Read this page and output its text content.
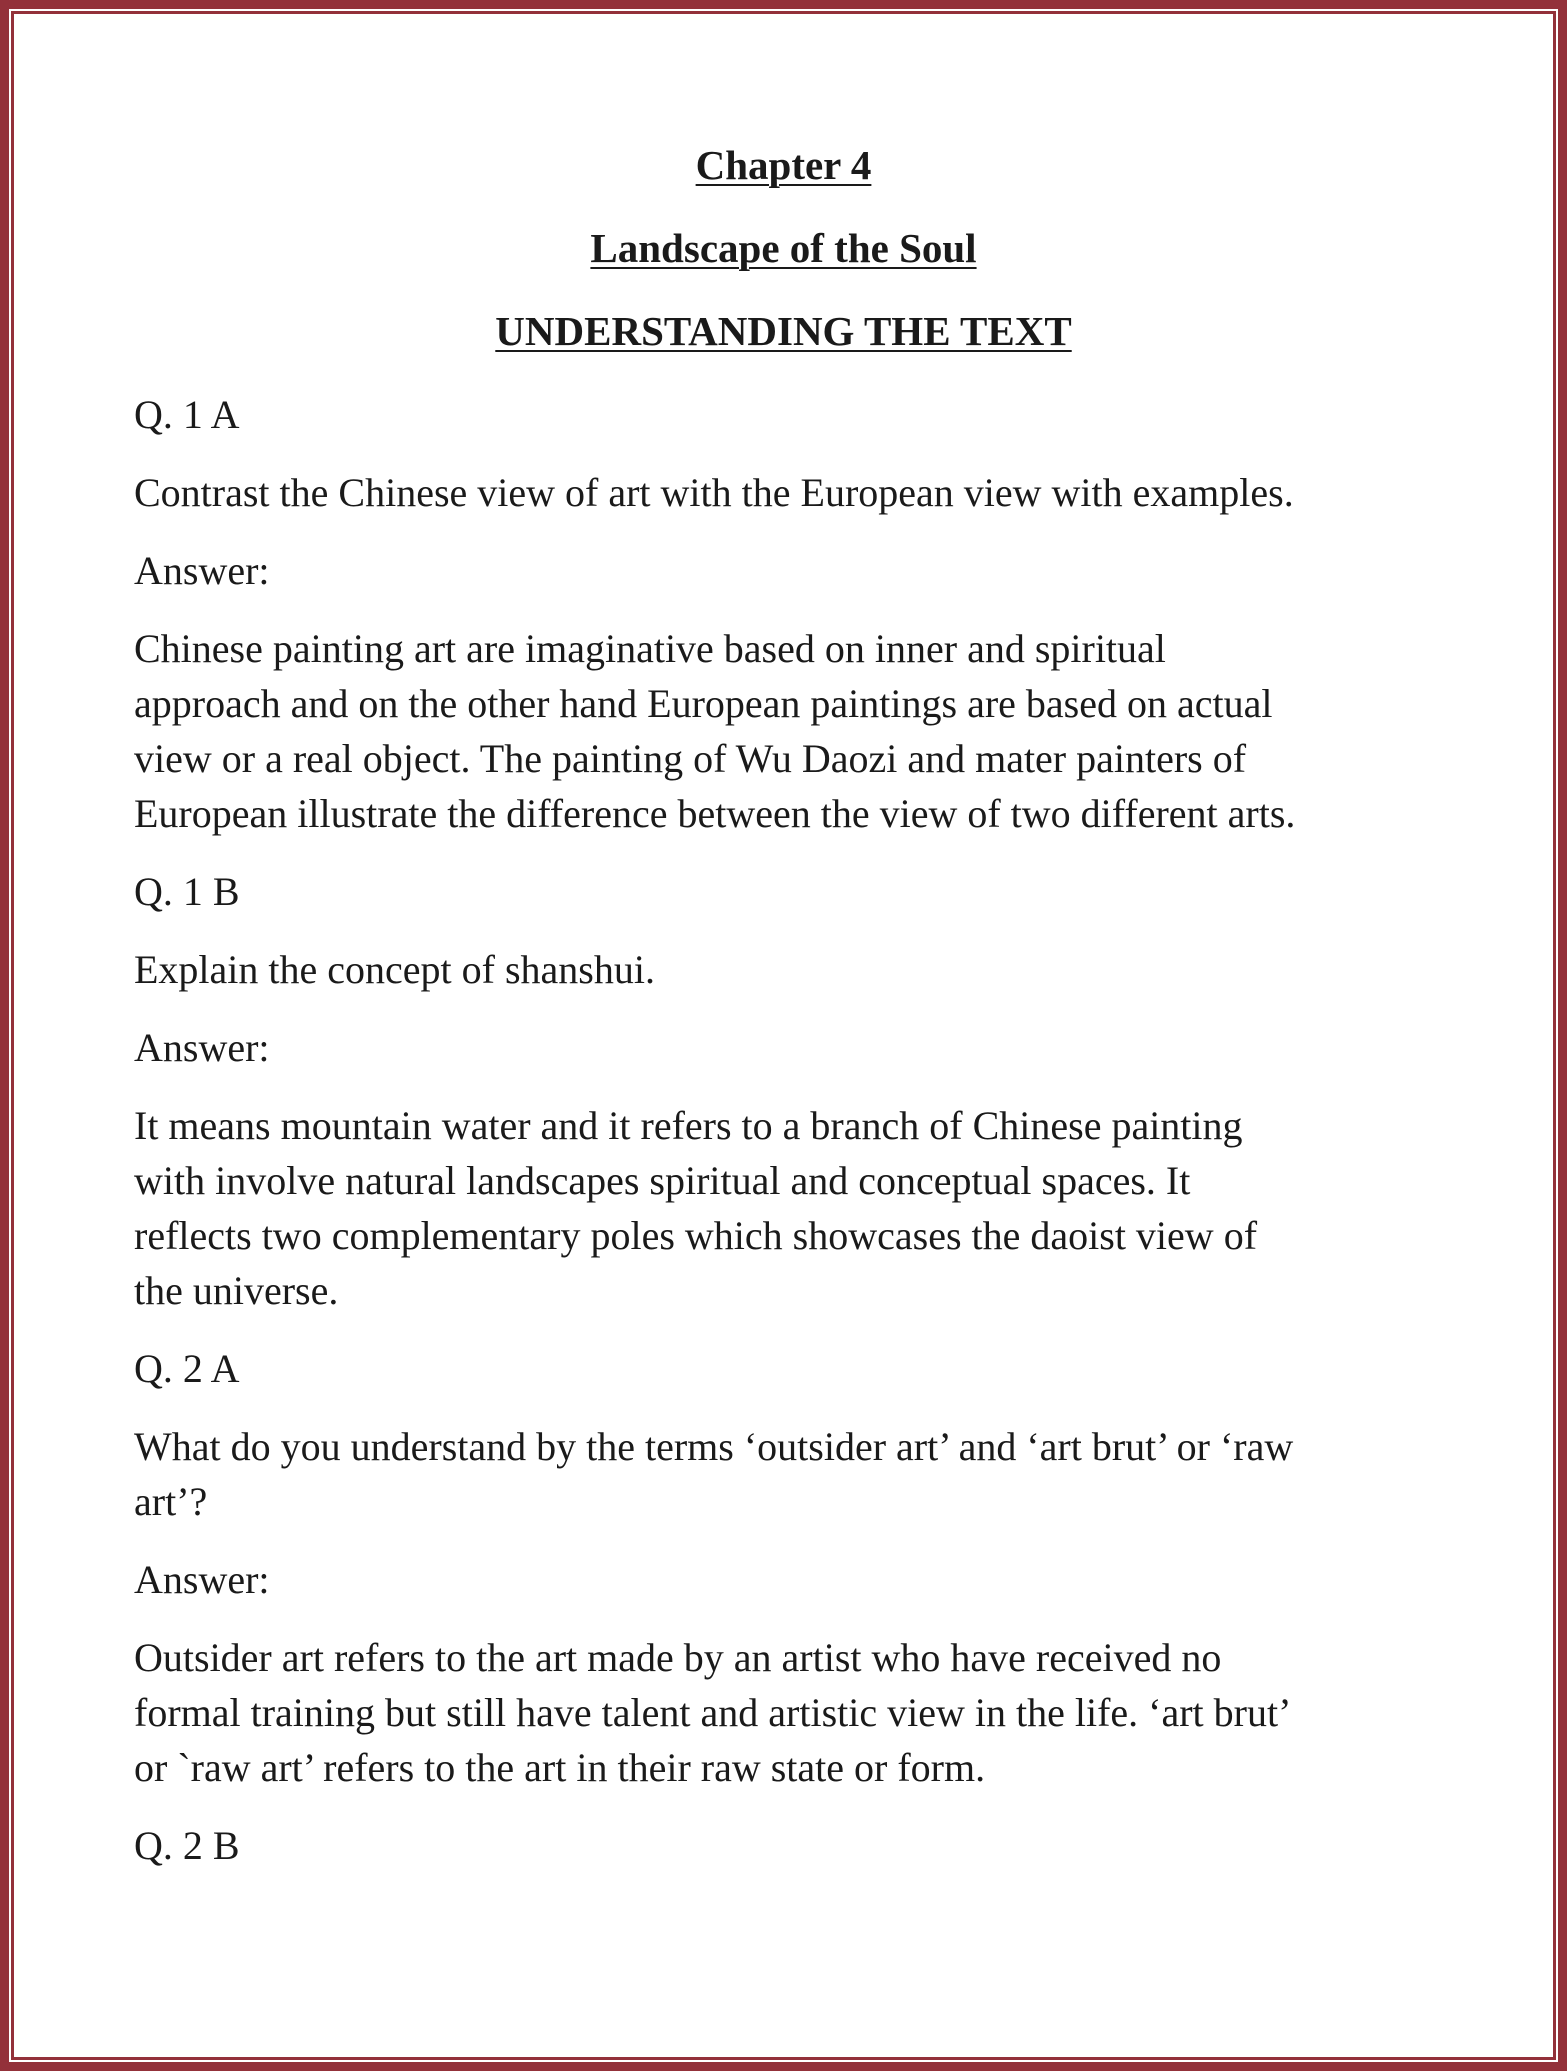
Chapter 4
Landscape of the Soul
UNDERSTANDING THE TEXT
Q. 1 A
Contrast the Chinese view of art with the European view with examples.
Answer:
Chinese painting art are imaginative based on inner and spiritual
approach and on the other hand European paintings are based on actual
view or a real object. The painting of Wu Daozi and mater painters of
European illustrate the difference between the view of two different arts.
Q. 1 B
Explain the concept of shanshui.
Answer:
It means mountain water and it refers to a branch of Chinese painting
with involve natural landscapes spiritual and conceptual spaces. It
reflects two complementary poles which showcases the daoist view of
the universe.
Q. 2 A
What do you understand by the terms ‘outsider art’ and ‘art brut’ or ‘raw
art’?
Answer:
Outsider art refers to the art made by an artist who have received no
formal training but still have talent and artistic view in the life. ‘art brut’
or `raw art’ refers to the art in their raw state or form.
Q. 2 B
